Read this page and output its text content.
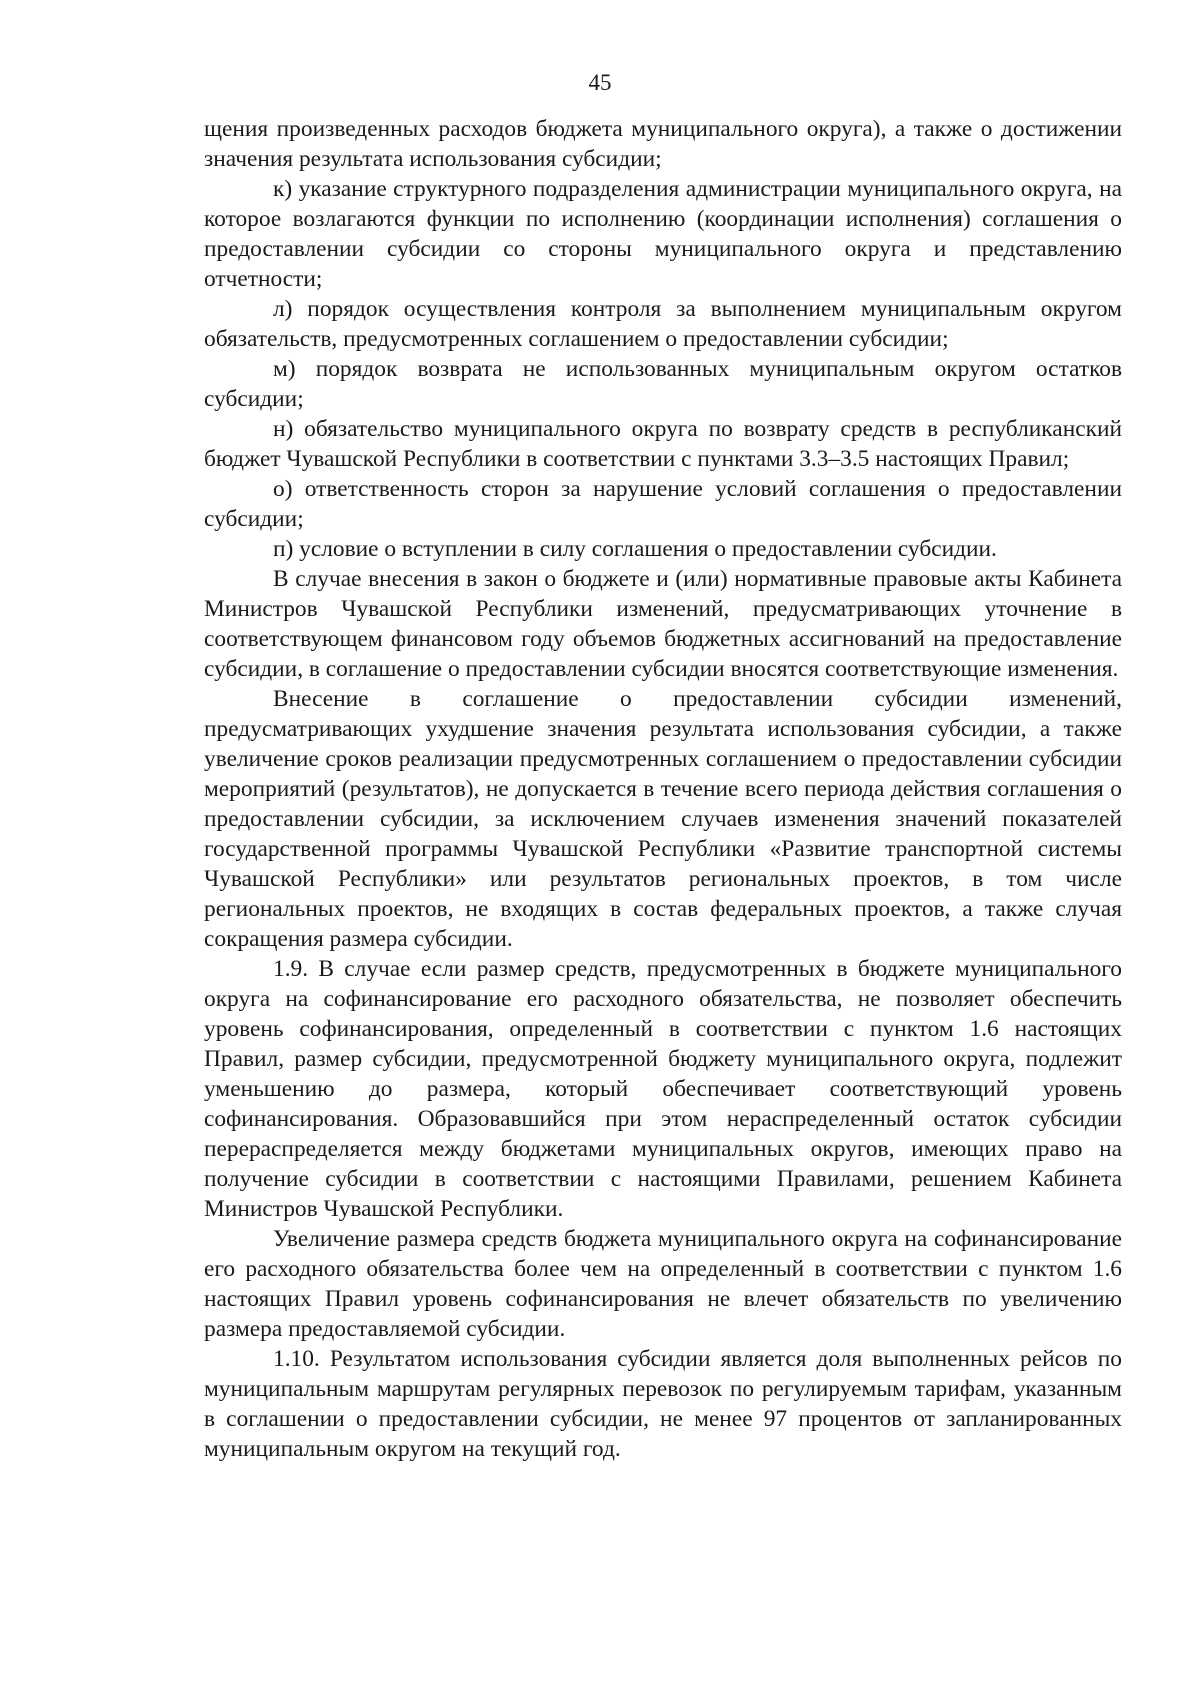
45

щения произведенных расходов бюджета муниципального округа), а также о достижении значения результата использования субсидии;

к) указание структурного подразделения администрации муниципального округа, на которое возлагаются функции по исполнению (координации исполнения) соглашения о предоставлении субсидии со стороны муниципального округа и представлению отчетности;

л) порядок осуществления контроля за выполнением муниципальным округом обязательств, предусмотренных соглашением о предоставлении субсидии;

м) порядок возврата не использованных муниципальным округом остатков субсидии;

н) обязательство муниципального округа по возврату средств в республиканский бюджет Чувашской Республики в соответствии с пунктами 3.3–3.5 настоящих Правил;

о) ответственность сторон за нарушение условий соглашения о предоставлении субсидии;

п) условие о вступлении в силу соглашения о предоставлении субсидии.

В случае внесения в закон о бюджете и (или) нормативные правовые акты Кабинета Министров Чувашской Республики изменений, предусматривающих уточнение в соответствующем финансовом году объемов бюджетных ассигнований на предоставление субсидии, в соглашение о предоставлении субсидии вносятся соответствующие изменения.

Внесение в соглашение о предоставлении субсидии изменений, предусматривающих ухудшение значения результата использования субсидии, а также увеличение сроков реализации предусмотренных соглашением о предоставлении субсидии мероприятий (результатов), не допускается в течение всего периода действия соглашения о предоставлении субсидии, за исключением случаев изменения значений показателей государственной программы Чувашской Республики «Развитие транспортной системы Чувашской Республики» или результатов региональных проектов, в том числе региональных проектов, не входящих в состав федеральных проектов, а также случая сокращения размера субсидии.

1.9. В случае если размер средств, предусмотренных в бюджете муниципального округа на софинансирование его расходного обязательства, не позволяет обеспечить уровень софинансирования, определенный в соответствии с пунктом 1.6 настоящих Правил, размер субсидии, предусмотренной бюджету муниципального округа, подлежит уменьшению до размера, который обеспечивает соответствующий уровень софинансирования. Образовавшийся при этом нераспределенный остаток субсидии перераспределяется между бюджетами муниципальных округов, имеющих право на получение субсидии в соответствии с настоящими Правилами, решением Кабинета Министров Чувашской Республики.

Увеличение размера средств бюджета муниципального округа на софинансирование его расходного обязательства более чем на определенный в соответствии с пунктом 1.6 настоящих Правил уровень софинансирования не влечет обязательств по увеличению размера предоставляемой субсидии.

1.10. Результатом использования субсидии является доля выполненных рейсов по муниципальным маршрутам регулярных перевозок по регулируемым тарифам, указанным в соглашении о предоставлении субсидии, не менее 97 процентов от запланированных муниципальным округом на текущий год.
